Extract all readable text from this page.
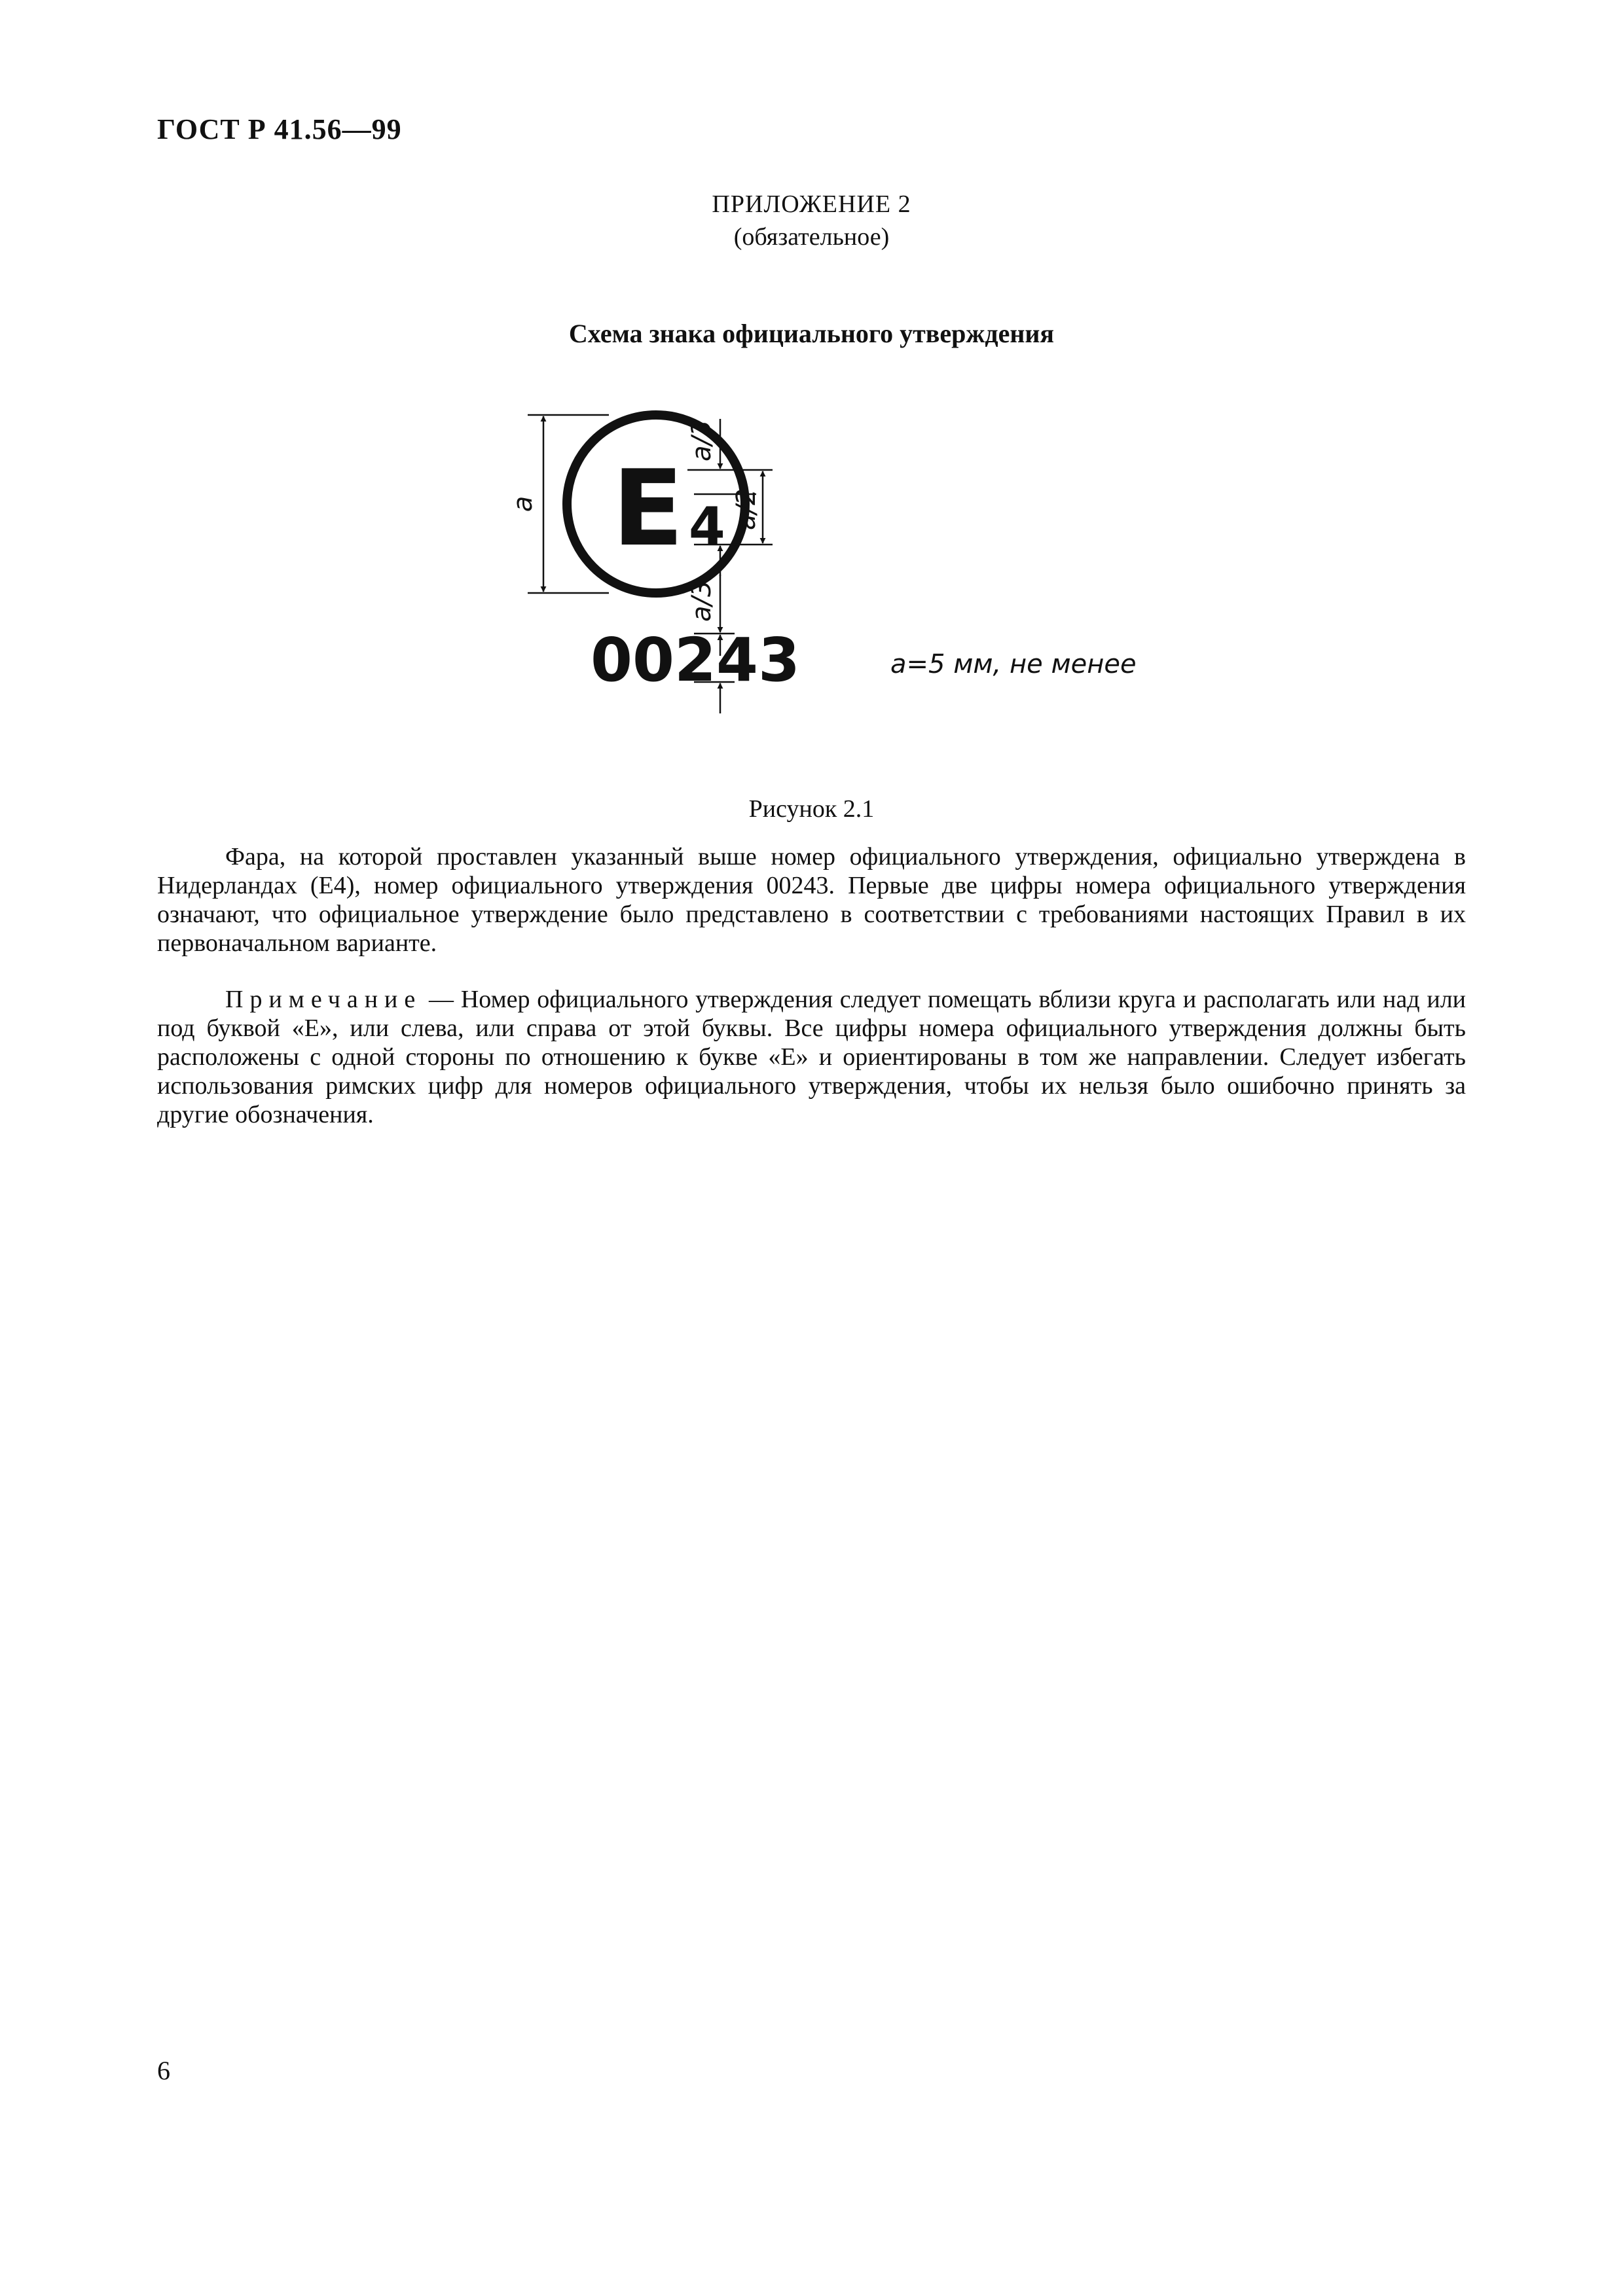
ГОСТ Р 41.56—99
ПРИЛОЖЕНИЕ 2
(обязательное)
Схема знака официального утверждения
E 4
00243
a
a/3
a/2
a/3
a=5 мм, не менее
Рисунок 2.1
Фара, на которой проставлен указанный выше номер официального утверждения, официально утверждена в Нидерландах (E4), номер официального утверждения 00243. Первые две цифры номера официального утверждения означают, что официальное утверждение было представлено в соответствии с требованиями настоящих Правил в их первоначальном варианте.
Примечание — Номер официального утверждения следует помещать вблизи круга и располагать или над или под буквой «E», или слева, или справа от этой буквы. Все цифры номера официального утверждения должны быть расположены с одной стороны по отношению к букве «E» и ориентированы в том же направлении. Следует избегать использования римских цифр для номеров официального утверждения, чтобы их нельзя было ошибочно принять за другие обозначения.
6
